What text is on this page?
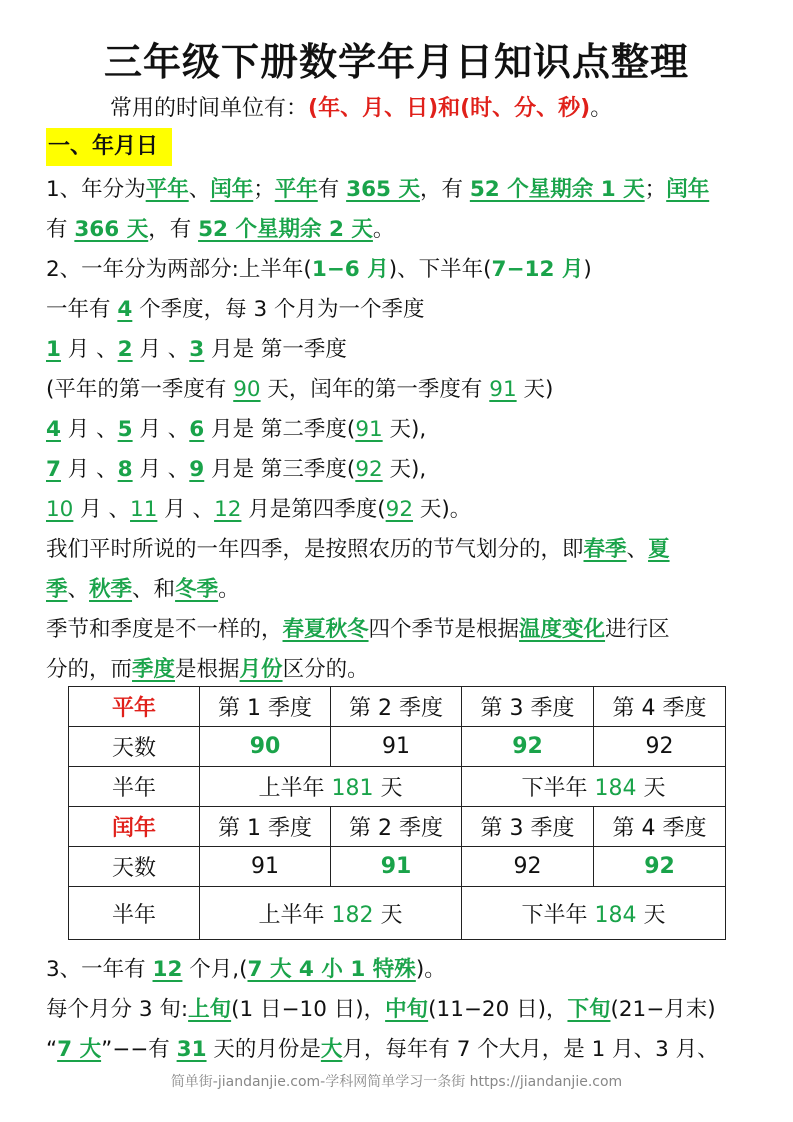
三年级下册数学年月日知识点整理
常用的时间单位有：(年、月、日)和(时、分、秒)。
一、年月日
1、年分为平年、闰年；平年有 365 天，有 52 个星期余 1 天；闰年
有 366 天，有 52 个星期余 2 天。
2、一年分为两部分:上半年(1−6 月)、下半年(7−12 月)
一年有 4 个季度，每 3 个月为一个季度
1 月 、2 月 、3 月是 第一季度
(平年的第一季度有 90 天，闰年的第一季度有 91 天)
4 月 、5 月 、6 月是 第二季度(91 天),
7 月 、8 月 、9 月是 第三季度(92 天),
10 月 、11 月 、12 月是第四季度(92 天)。
我们平时所说的一年四季，是按照农历的节气划分的，即春季、夏
季、秋季、和冬季。
季节和季度是不一样的，春夏秋冬四个季节是根据温度变化进行区
分的，而季度是根据月份区分的。
平年	第 1 季度	第 2 季度	第 3 季度	第 4 季度
天数	90	91	92	92
半年	上半年 181 天		下半年 184 天	
闰年	第 1 季度	第 2 季度	第 3 季度	第 4 季度
天数	91	91	92	92
半年	上半年 182 天		下半年 184 天	
3、一年有 12 个月,(7 大 4 小 1 特殊)。
每个月分 3 旬:上旬(1 日−10 日)，中旬(11−20 日)，下旬(21−月末)
“7 大”−−有 31 天的月份是大月，每年有 7 个大月，是 1 月、3 月、
简单街-jiandanjie.com-学科网简单学习一条街 https://jiandanjie.com
